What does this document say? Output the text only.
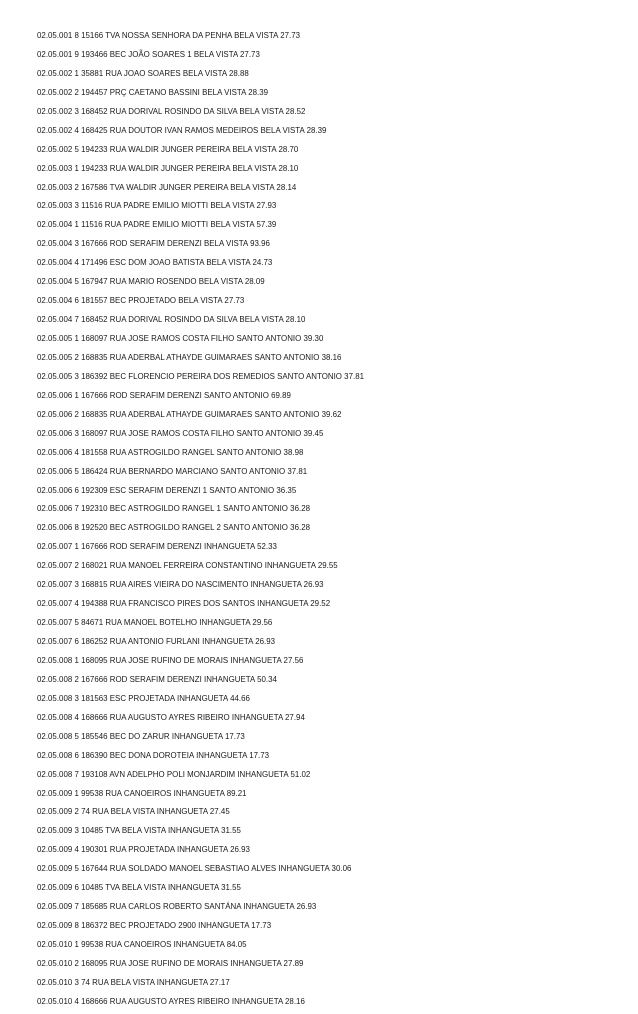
02.05.001 8 15166 TVA NOSSA SENHORA DA PENHA BELA VISTA 27.73
02.05.001 9 193466 BEC JOÃO SOARES 1 BELA VISTA 27.73
02.05.002 1 35881 RUA JOAO SOARES BELA VISTA 28.88
02.05.002 2 194457 PRÇ CAETANO BASSINI BELA VISTA 28.39
02.05.002 3 168452 RUA DORIVAL ROSINDO DA SILVA BELA VISTA 28.52
02.05.002 4 168425 RUA DOUTOR IVAN RAMOS MEDEIROS BELA VISTA 28.39
02.05.002 5 194233 RUA WALDIR JUNGER PEREIRA BELA VISTA 28.70
02.05.003 1 194233 RUA WALDIR JUNGER PEREIRA BELA VISTA 28.10
02.05.003 2 167586 TVA WALDIR JUNGER PEREIRA BELA VISTA 28.14
02.05.003 3 11516 RUA PADRE EMILIO MIOTTI BELA VISTA 27.93
02.05.004 1 11516 RUA PADRE EMILIO MIOTTI BELA VISTA 57.39
02.05.004 3 167666 ROD SERAFIM DERENZI BELA VISTA 93.96
02.05.004 4 171496 ESC DOM JOAO BATISTA BELA VISTA 24.73
02.05.004 5 167947 RUA MARIO ROSENDO BELA VISTA 28.09
02.05.004 6 181557 BEC PROJETADO BELA VISTA 27.73
02.05.004 7 168452 RUA DORIVAL ROSINDO DA SILVA BELA VISTA 28.10
02.05.005 1 168097 RUA JOSE RAMOS COSTA FILHO SANTO ANTONIO 39.30
02.05.005 2 168835 RUA ADERBAL ATHAYDE GUIMARAES SANTO ANTONIO 38.16
02.05.005 3 186392 BEC FLORENCIO PEREIRA DOS REMEDIOS SANTO ANTONIO 37.81
02.05.006 1 167666 ROD SERAFIM DERENZI SANTO ANTONIO 69.89
02.05.006 2 168835 RUA ADERBAL ATHAYDE GUIMARAES SANTO ANTONIO 39.62
02.05.006 3 168097 RUA JOSE RAMOS COSTA FILHO SANTO ANTONIO 39.45
02.05.006 4 181558 RUA ASTROGILDO RANGEL SANTO ANTONIO 38.98
02.05.006 5 186424 RUA BERNARDO MARCIANO SANTO ANTONIO 37.81
02.05.006 6 192309 ESC SERAFIM DERENZI 1 SANTO ANTONIO 36.35
02.05.006 7 192310 BEC ASTROGILDO RANGEL 1 SANTO ANTONIO 36.28
02.05.006 8 192520 BEC ASTROGILDO RANGEL 2 SANTO ANTONIO 36.28
02.05.007 1 167666 ROD SERAFIM DERENZI INHANGUETA 52.33
02.05.007 2 168021 RUA MANOEL FERREIRA CONSTANTINO INHANGUETA 29.55
02.05.007 3 168815 RUA AIRES VIEIRA DO NASCIMENTO INHANGUETA 26.93
02.05.007 4 194388 RUA FRANCISCO PIRES DOS SANTOS INHANGUETA 29.52
02.05.007 5 84671 RUA MANOEL BOTELHO INHANGUETA 29.56
02.05.007 6 186252 RUA ANTONIO FURLANI INHANGUETA 26.93
02.05.008 1 168095 RUA JOSE RUFINO DE MORAIS INHANGUETA 27.56
02.05.008 2 167666 ROD SERAFIM DERENZI INHANGUETA 50.34
02.05.008 3 181563 ESC PROJETADA INHANGUETA 44.66
02.05.008 4 168666 RUA AUGUSTO AYRES RIBEIRO INHANGUETA 27.94
02.05.008 5 185546 BEC DO ZARUR INHANGUETA 17.73
02.05.008 6 186390 BEC DONA DOROTEIA INHANGUETA 17.73
02.05.008 7 193108 AVN ADELPHO POLI MONJARDIM INHANGUETA 51.02
02.05.009 1 99538 RUA CANOEIROS INHANGUETA 89.21
02.05.009 2 74 RUA BELA VISTA INHANGUETA 27.45
02.05.009 3 10485 TVA BELA VISTA INHANGUETA 31.55
02.05.009 4 190301 RUA PROJETADA INHANGUETA 26.93
02.05.009 5 167644 RUA SOLDADO MANOEL SEBASTIAO ALVES INHANGUETA 30.06
02.05.009 6 10485 TVA BELA VISTA INHANGUETA 31.55
02.05.009 7 185685 RUA CARLOS ROBERTO SANTÁNA INHANGUETA 26.93
02.05.009 8 186372 BEC PROJETADO 2900 INHANGUETA 17.73
02.05.010 1 99538 RUA CANOEIROS INHANGUETA 84.05
02.05.010 2 168095 RUA JOSE RUFINO DE MORAIS INHANGUETA 27.89
02.05.010 3 74 RUA BELA VISTA INHANGUETA 27.17
02.05.010 4 168666 RUA AUGUSTO AYRES RIBEIRO INHANGUETA 28.16
